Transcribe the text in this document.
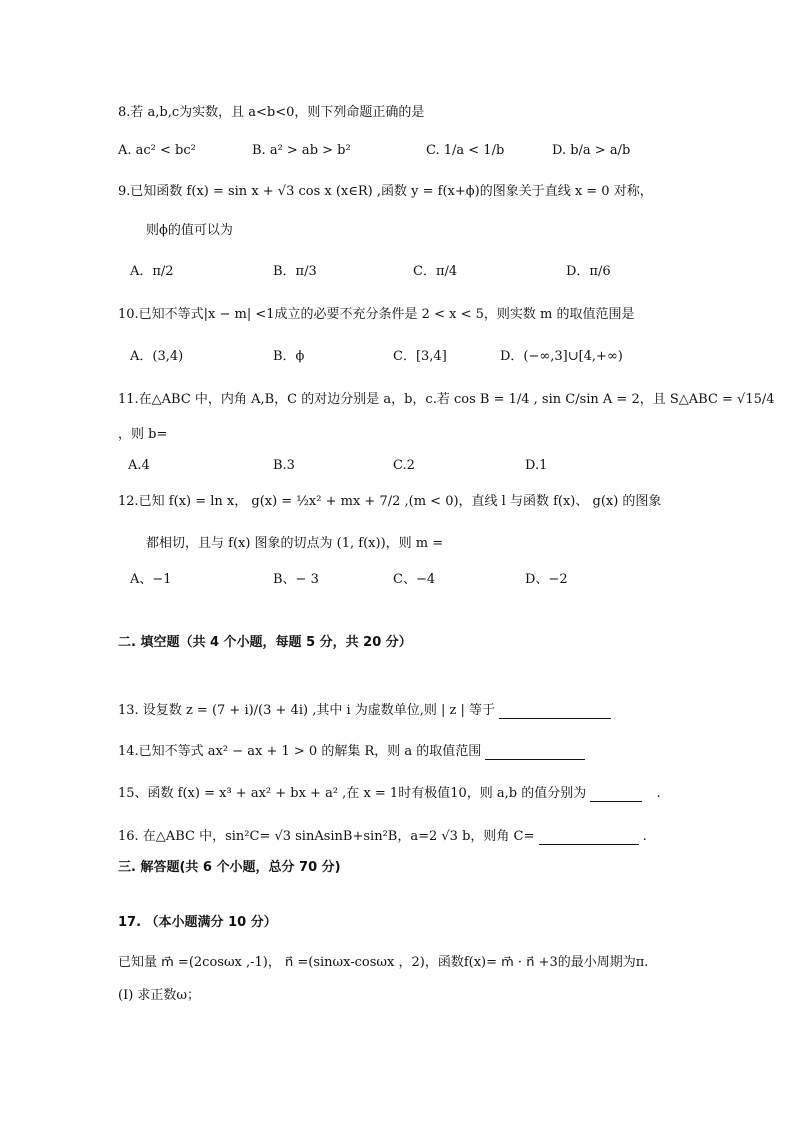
8.若 a,b,c为实数，且 a<b<0，则下列命题正确的是
A. ac² < bc²	B. a² > ab > b²	C. 1/a < 1/b	D. b/a > a/b
9.已知函数 f(x) = sin x + √3 cos x (x∈R) ,函数 y = f(x+ϕ)的图象关于直线 x = 0 对称，
则ϕ的值可以为
A．π/2	B．π/3	C．π/4	D．π/6
10.已知不等式|x − m| <1成立的必要不充分条件是 2 < x < 5，则实数 m 的取值范围是
A．(3,4)	B．ϕ	C．[3,4]	D．(−∞,3]∪[4,+∞)
11.在△ABC 中，内角 A,B，C 的对边分别是 a，b，c.若 cos B = 1/4 , sin C/sin A = 2，且 S△ABC = √15/4
，则 b=
A.4	B.3	C.2	D.1
12.已知 f(x) = ln x， g(x) = ½x² + mx + 7/2 ,(m < 0)，直线 l 与函数 f(x)、 g(x) 的图象
都相切，且与 f(x) 图象的切点为 (1, f(x))，则 m =
A、−1	B、− 3	C、−4	D、−2
二. 填空题（共 4 个小题，每题 5 分，共 20 分）
13. 设复数 z = (7 + i)/(3 + 4i) ,其中 i 为虚数单位,则 | z | 等于
14.已知不等式 ax² − ax + 1 > 0 的解集 R，则 a 的取值范围
15、函数 f(x) = x³ + ax² + bx + a² ,在 x = 1时有极值10，则 a,b 的值分别为	.
16. 在△ABC 中，sin²C= √3 sinAsinB+sin²B，a=2 √3 b，则角 C=	.
三. 解答题(共 6 个小题，总分 70 分)
17. （本小题满分 10 分）
已知量 m⃗ =(2cosωx ,-1)， n⃗ =(sinωx-cosωx ，2)，函数f(x)= m⃗ · n⃗ +3的最小周期为π.
(Ⅰ) 求正数ω；
